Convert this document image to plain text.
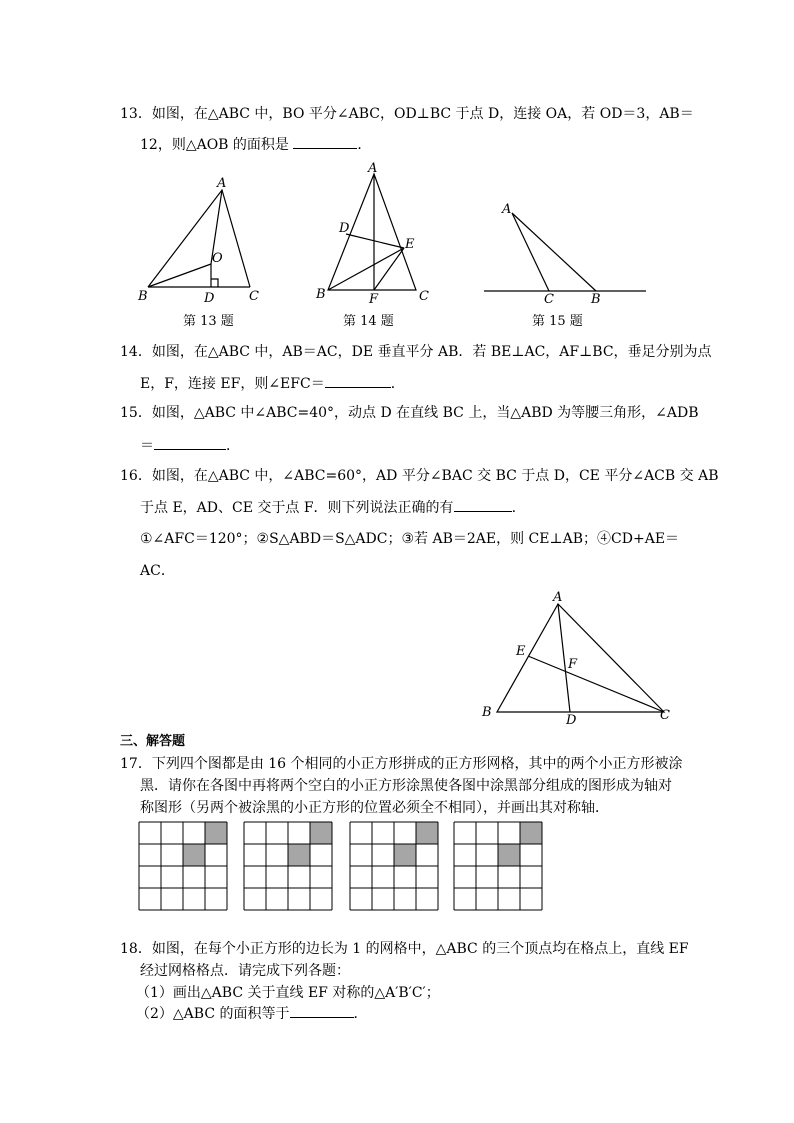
13．如图，在△ABC 中，BO 平分∠ABC，OD⊥BC 于点 D，连接 OA，若 OD＝3，AB＝
12，则△AOB 的面积是	．
A
B	C
D
O
第 13 题
A
B	C
D
E
F
第 14 题
A
C	B
第 15 题
A
B	C
D
E
F
14．如图，在△ABC 中，AB＝AC，DE 垂直平分 AB．若 BE⊥AC，AF⊥BC，垂足分别为点
E，F，连接 EF，则∠EFC＝	．
15．如图，△ABC 中∠ABC=40°，动点 D 在直线 BC 上，当△ABD 为等腰三角形，∠ADB
＝	．
16．如图，在△ABC 中，∠ABC=60°，AD 平分∠BAC 交 BC 于点 D，CE 平分∠ACB 交 AB
于点 E，AD、CE 交于点 F．则下列说法正确的有	.
①∠AFC＝120°；②S△ABD＝S△ADC；③若 AB＝2AE，则 CE⊥AB；④CD+AE＝
AC．
三、解答题
17．下列四个图都是由 16 个相同的小正方形拼成的正方形网格，其中的两个小正方形被涂
黑．请你在各图中再将两个空白的小正方形涂黑使各图中涂黑部分组成的图形成为轴对
称图形（另两个被涂黑的小正方形的位置必须全不相同），并画出其对称轴．
18．如图，在每个小正方形的边长为 1 的网格中，△ABC 的三个顶点均在格点上，直线 EF
经过网格格点．请完成下列各题：
（1）画出△ABC 关于直线 EF 对称的△A′B′C′；
（2）△ABC 的面积等于	．
